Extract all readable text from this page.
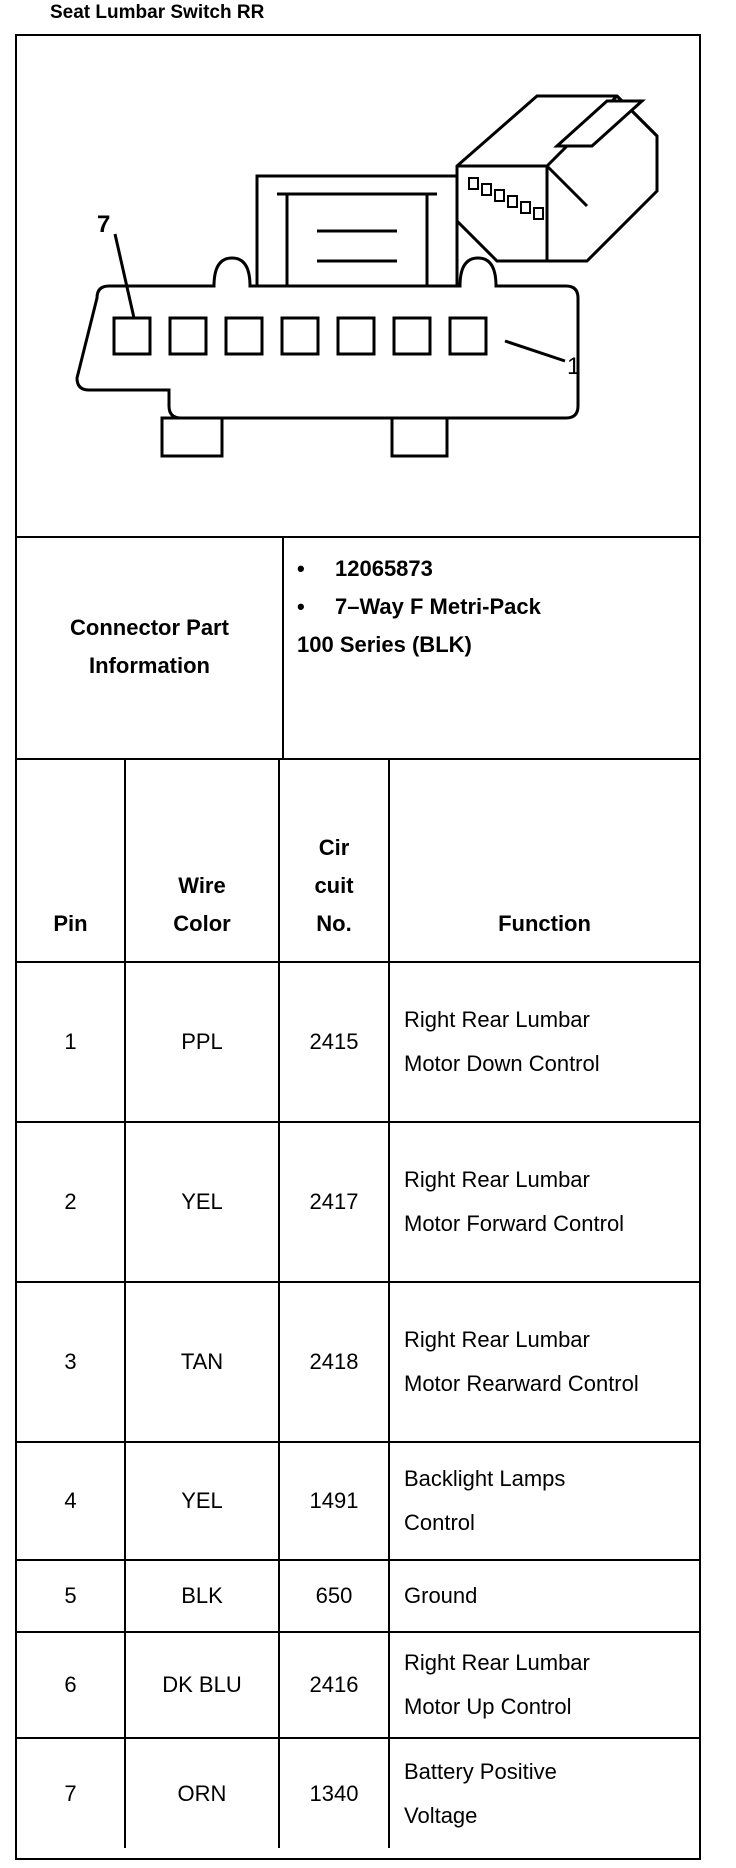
Seat Lumbar Switch RR
7
1
Connector Part Information
• 12065873
• 7–Way F Metri-Pack
100 Series (BLK)
Pin	Wire Color	Cir cuit No.	Function
1	PPL	2415	Right Rear Lumbar Motor Down Control

2	YEL	2417	Right Rear Lumbar Motor Forward Control

3	TAN	2418	Right Rear Lumbar Motor Rearward Control

4	YEL	1491	Backlight Lamps Control

5	BLK	650	Ground
6	DK BLU	2416	Right Rear Lumbar Motor Up Control

7	ORN	1340	Battery Positive Voltage
